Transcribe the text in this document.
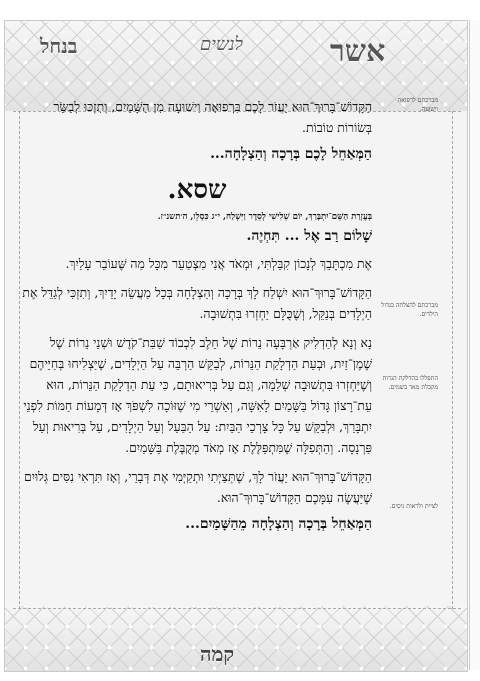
בנחל	לנשים	אשר
מברכתם לרפואה וישועה.
מברכתם להצלחה בגדול הילדים.
התפללו בהדלקת הנרות מקבלת מאד בשמים.
לציית ולראות ניסים.

הַקָּדוֹשׁ־בָּרוּךְ־הוּא יַעֲזֹר לָכֶם בִּרְפוּאָה וִישׁוּעָה מִן הַשָּׁמַיִם, וְתִזְכּוּ לְבַשֵּׂר בְּשׂוֹרוֹת טוֹבוֹת.

הַמְּאַחֵל לָכֶם בְּרָכָה וְהַצְלָחָה...

שסא.

בְּעֶזְרַת הַשֵּׁם־יִתְבָּרַךְ, יוֹם שְׁלִישִׁי לְסֵדֶר וַיִּשְׁלַח, י״ג כִּסְלֵו, ה׳תשנ״ז.

שָׁלוֹם רַב אֶל ... תִּחְיֶה.

אֶת מִכְתָּבֵךְ לְנָכוֹן קִבַּלְתִּי, וּמְאֹד אֲנִי מִצְטַעֵר מִכָּל מַה שֶּׁעוֹבֵר עָלַיִךְ.

הַקָּדוֹשׁ־בָּרוּךְ־הוּא יִשְׁלַח לָךְ בְּרָכָה וְהַצְלָחָה בְּכָל מַעֲשֵׂה יָדַיִךְ, וְתִזְכִּי לְגַדֵּל אֶת הַיְלָדִים בְּנַקֵּל, וְשֶׁכֻּלָּם יַחְזְרוּ בִּתְשׁוּבָה.

נָא וְנָא לְהַדְלִיק אַרְבָּעָה נֵרוֹת שֶׁל חֵלֶב לִכְבוֹד שַׁבַּת־קֹדֶשׁ וּשְׁנֵי נֵרוֹת שֶׁל שֶׁמֶן־זַיִת, וּבְעֵת הַדְלָקַת הַנֵּרוֹת, לְבַקֵּשׁ הַרְבֵּה עַל הַיְלָדִים, שֶׁיַּצְלִיחוּ בְּחַיֵּיהֶם וְשֶׁיַּחְזְרוּ בִּתְשׁוּבָה שְׁלֵמָה, וְגַם עַל בְּרִיאוּתָם, כִּי עֵת הַדְלָקַת הַנֵּרוֹת, הוּא עֵת־רָצוֹן גָּדוֹל בַּשָּׁמַיִם לָאִשָּׁה, וְאַשְׁרֵי מִי שֶׁזּוֹכָה לִשְׁפֹּךְ אָז דְּמָעוֹת חַמּוֹת לִפְנֵי יִתְבָּרַךְ, וּלְבַקֵּשׁ עַל כָּל צָרְכֵי הַבַּיִת: עַל הַבַּעַל וְעַל הַיְלָדִים, עַל בְּרִיאוּת וְעַל פַּרְנָסָה. וְהַתְּפִלָּה שֶׁמִּתְפַּלֶּלֶת אָז מְאֹד מְקֻבֶּלֶת בַּשָּׁמַיִם.

הַקָּדוֹשׁ־בָּרוּךְ־הוּא יַעֲזֹר לָךְ, שֶׁתְּצַיְּתִי וּתְקַיְּמִי אֶת דְּבָרַי, וְאָז תִּרְאִי נִסִּים גְּלוּיִם שֶׁיַּעֲשֶׂה עִמָּכֶם הַקָּדוֹשׁ־בָּרוּךְ־הוּא.

הַמְּאַחֵל בְּרָכָה וְהַצְלָחָה מֵהַשָּׁמַיִם...

קמה
